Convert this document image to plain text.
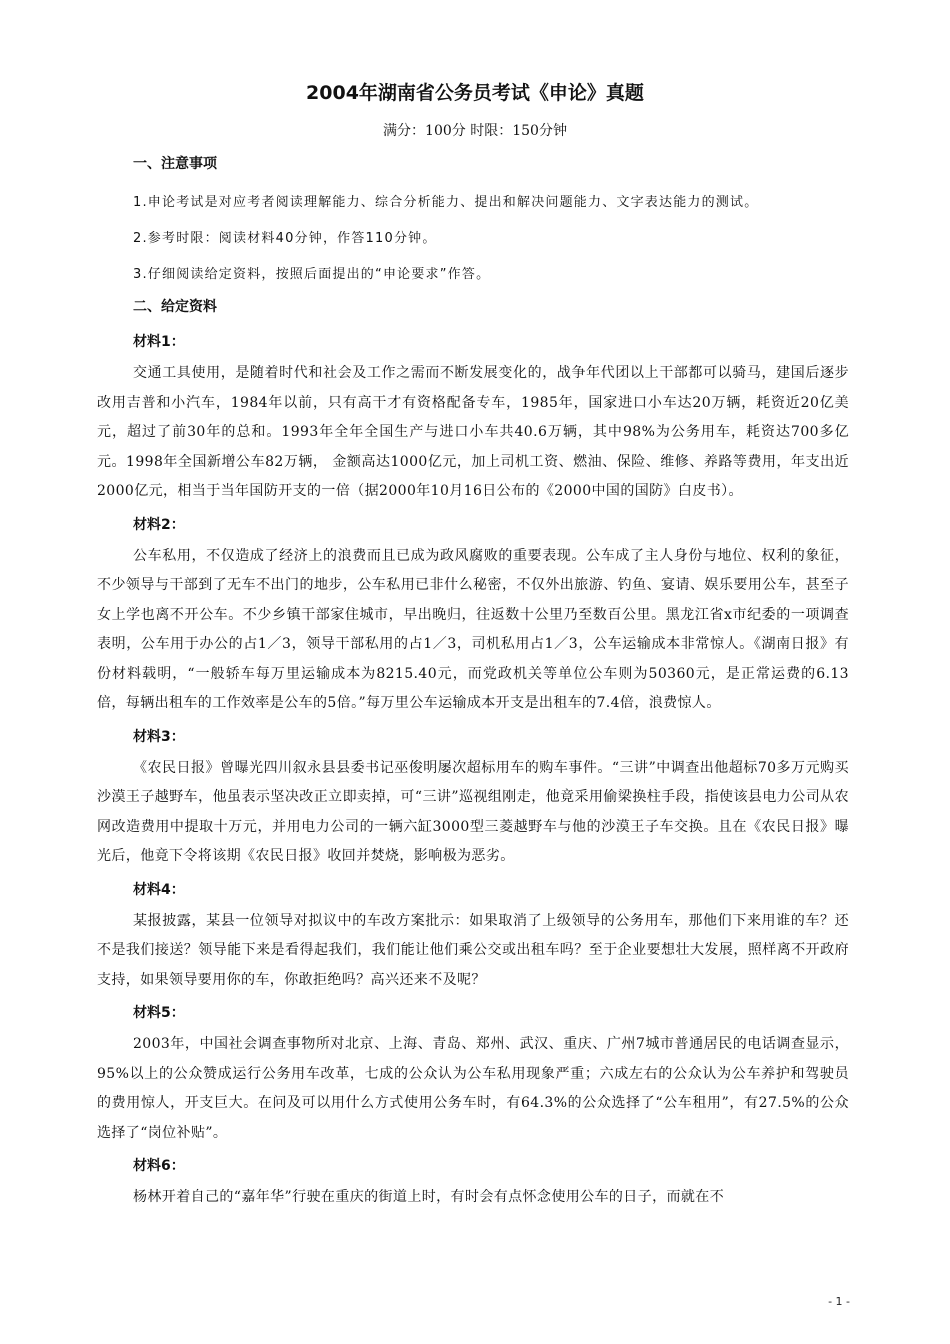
2004年湖南省公务员考试《申论》真题

满分：100分 时限：150分钟

一、注意事项

1.申论考试是对应考者阅读理解能力、综合分析能力、提出和解决问题能力、文字表达能力的测试。

2.参考时限：阅读材料40分钟，作答110分钟。

3.仔细阅读给定资料，按照后面提出的“申论要求”作答。

二、给定资料
材料1：

交通工具使用，是随着时代和社会及工作之需而不断发展变化的，战争年代团以上干部都可以骑马，建国后逐步改用吉普和小汽车，1984年以前，只有高干才有资格配备专车，1985年，国家进口小车达20万辆，耗资近20亿美元，超过了前30年的总和。1993年全年全国生产与进口小车共40.6万辆，其中98%为公务用车，耗资达700多亿元。1998年全国新增公车82万辆， 金额高达1000亿元，加上司机工资、燃油、保险、维修、养路等费用，年支出近2000亿元，相当于当年国防开支的一倍（据2000年10月16日公布的《2000中国的国防》白皮书）。

材料2：

公车私用，不仅造成了经济上的浪费而且已成为政风腐败的重要表现。公车成了主人身份与地位、权利的象征，不少领导与干部到了无车不出门的地步，公车私用已非什么秘密，不仅外出旅游、钓鱼、宴请、娱乐要用公车，甚至子女上学也离不开公车。不少乡镇干部家住城市，早出晚归，往返数十公里乃至数百公里。黑龙江省x市纪委的一项调查表明，公车用于办公的占1／3，领导干部私用的占1／3，司机私用占1／3，公车运输成本非常惊人。《湖南日报》有份材料载明，“一般轿车每万里运输成本为8215.40元，而党政机关等单位公车则为50360元，是正常运费的6.13倍，每辆出租车的工作效率是公车的5倍。”每万里公车运输成本开支是出租车的7.4倍，浪费惊人。

材料3：

《农民日报》曾曝光四川叙永县县委书记巫俊明屡次超标用车的购车事件。“三讲”中调查出他超标70多万元购买沙漠王子越野车，他虽表示坚决改正立即卖掉，可“三讲”巡视组刚走，他竟采用偷梁换柱手段，指使该县电力公司从农网改造费用中提取十万元，并用电力公司的一辆六缸3000型三菱越野车与他的沙漠王子车交换。且在《农民日报》曝光后，他竟下令将该期《农民日报》收回并焚烧，影响极为恶劣。

材料4：

某报披露，某县一位领导对拟议中的车改方案批示：如果取消了上级领导的公务用车，那他们下来用谁的车？还不是我们接送？领导能下来是看得起我们，我们能让他们乘公交或出租车吗？至于企业要想壮大发展，照样离不开政府支持，如果领导要用你的车，你敢拒绝吗？高兴还来不及呢？

材料5：

2003年，中国社会调查事物所对北京、上海、青岛、郑州、武汉、重庆、广州7城市普通居民的电话调查显示，95%以上的公众赞成运行公务用车改革，七成的公众认为公车私用现象严重；六成左右的公众认为公车养护和驾驶员的费用惊人，开支巨大。在问及可以用什么方式使用公务车时，有64.3%的公众选择了“公车租用”，有27.5%的公众选择了“岗位补贴”。

材料6：

杨林开着自己的“嘉年华”行驶在重庆的街道上时，有时会有点怀念使用公车的日子，而就在不

- 1 -
